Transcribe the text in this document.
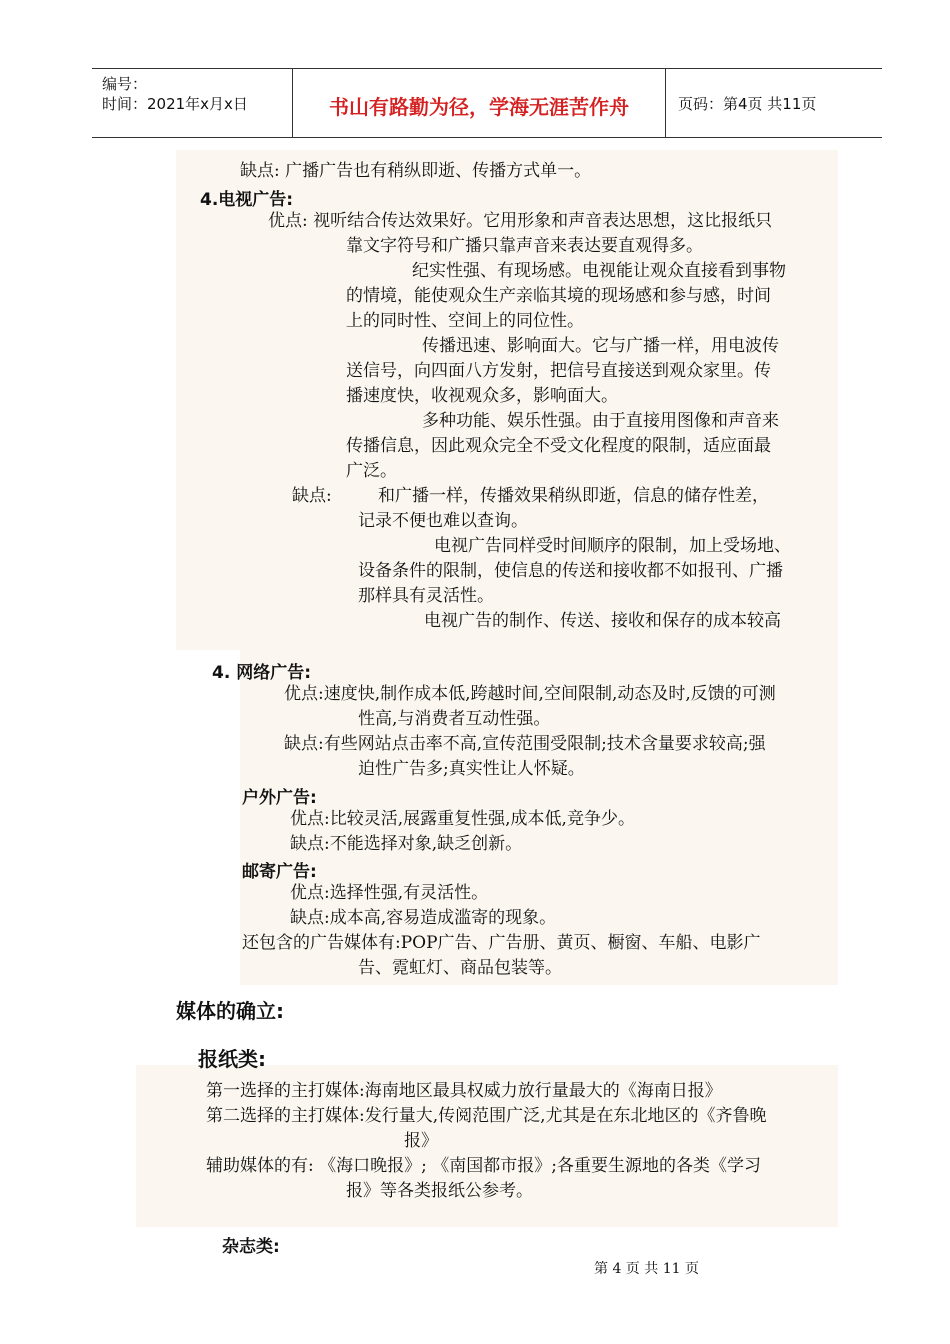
编号：
时间：2021年x月x日	书山有路勤为径，学海无涯苦作舟	页码：第4页 共11页
缺点: 广播广告也有稍纵即逝、传播方式单一。
4.电视广告:
优点: 视听结合传达效果好。它用形象和声音表达思想，这比报纸只
靠文字符号和广播只靠声音来表达要直观得多。
纪实性强、有现场感。电视能让观众直接看到事物
的情境，能使观众生产亲临其境的现场感和参与感，时间
上的同时性、空间上的同位性。
传播迅速、影响面大。它与广播一样，用电波传
送信号，向四面八方发射，把信号直接送到观众家里。传
播速度快，收视观众多，影响面大。
多种功能、娱乐性强。由于直接用图像和声音来
传播信息，因此观众完全不受文化程度的限制，适应面最
广泛。
缺点:	和广播一样，传播效果稍纵即逝，信息的储存性差，
记录不便也难以查询。
电视广告同样受时间顺序的限制，加上受场地、
设备条件的限制，使信息的传送和接收都不如报刊、广播
那样具有灵活性。
电视广告的制作、传送、接收和保存的成本较高
4. 网络广告:
优点:速度快,制作成本低,跨越时间,空间限制,动态及时,反馈的可测
性高,与消费者互动性强。
缺点:有些网站点击率不高,宣传范围受限制;技术含量要求较高;强
迫性广告多;真实性让人怀疑。
户外广告:
优点:比较灵活,展露重复性强,成本低,竞争少。
缺点:不能选择对象,缺乏创新。
邮寄广告:
优点:选择性强,有灵活性。
缺点:成本高,容易造成滥寄的现象。
还包含的广告媒体有:POP广告、广告册、黄页、橱窗、车船、电影广
告、霓虹灯、商品包装等。
媒体的确立:
报纸类:
第一选择的主打媒体:海南地区最具权威力放行量最大的《海南日报》
第二选择的主打媒体:发行量大,传阅范围广泛,尤其是在东北地区的《齐鲁晚
报》
辅助媒体的有: 《海口晚报》; 《南国都市报》;各重要生源地的各类《学习
报》等各类报纸公参考。
杂志类:
第 4 页 共 11 页
